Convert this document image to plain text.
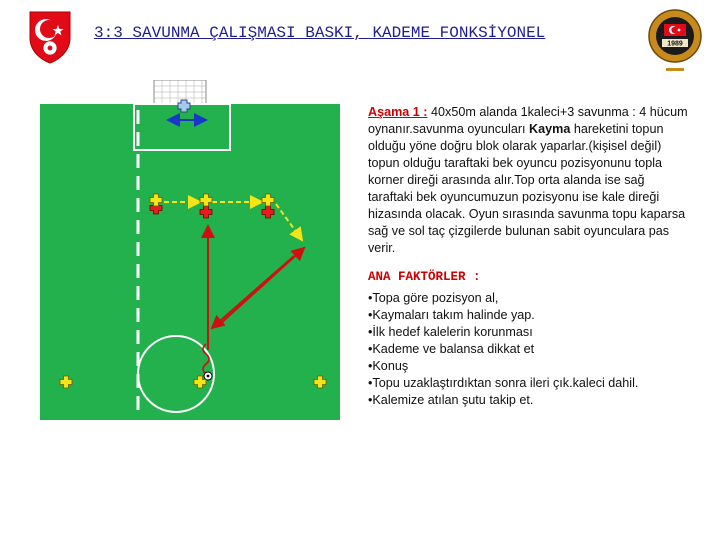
3:3 SAVUNMA ÇALIŞMASI BASKI, KADEME FONKSİYONEL
1989

Aşama 1 : 40x50m alanda 1kaleci+3 savunma : 4 hücum oynanır.savunma oyuncuları Kayma hareketini topun olduğu yöne doğru blok olarak yaparlar.(kişisel değil) topun olduğu taraftaki bek oyuncu pozisyonunu topla korner direği arasında alır.Top orta alanda ise sağ taraftaki bek oyuncumuzun pozisyonu ise kale direği hizasında olacak. Oyun sırasında savunma topu kaparsa sağ ve sol taç çizgilerde bulunan sabit oyunculara pas verir.

ANA FAKTÖRLER :

•Topa göre pozisyon al,
•Kaymaları takım halinde yap.
•İlk hedef kalelerin korunması
•Kademe ve balansa dikkat et
•Konuş
•Topu uzaklaştırdıktan sonra ileri çık.kaleci dahil.
•Kalemize atılan şutu takip et.
